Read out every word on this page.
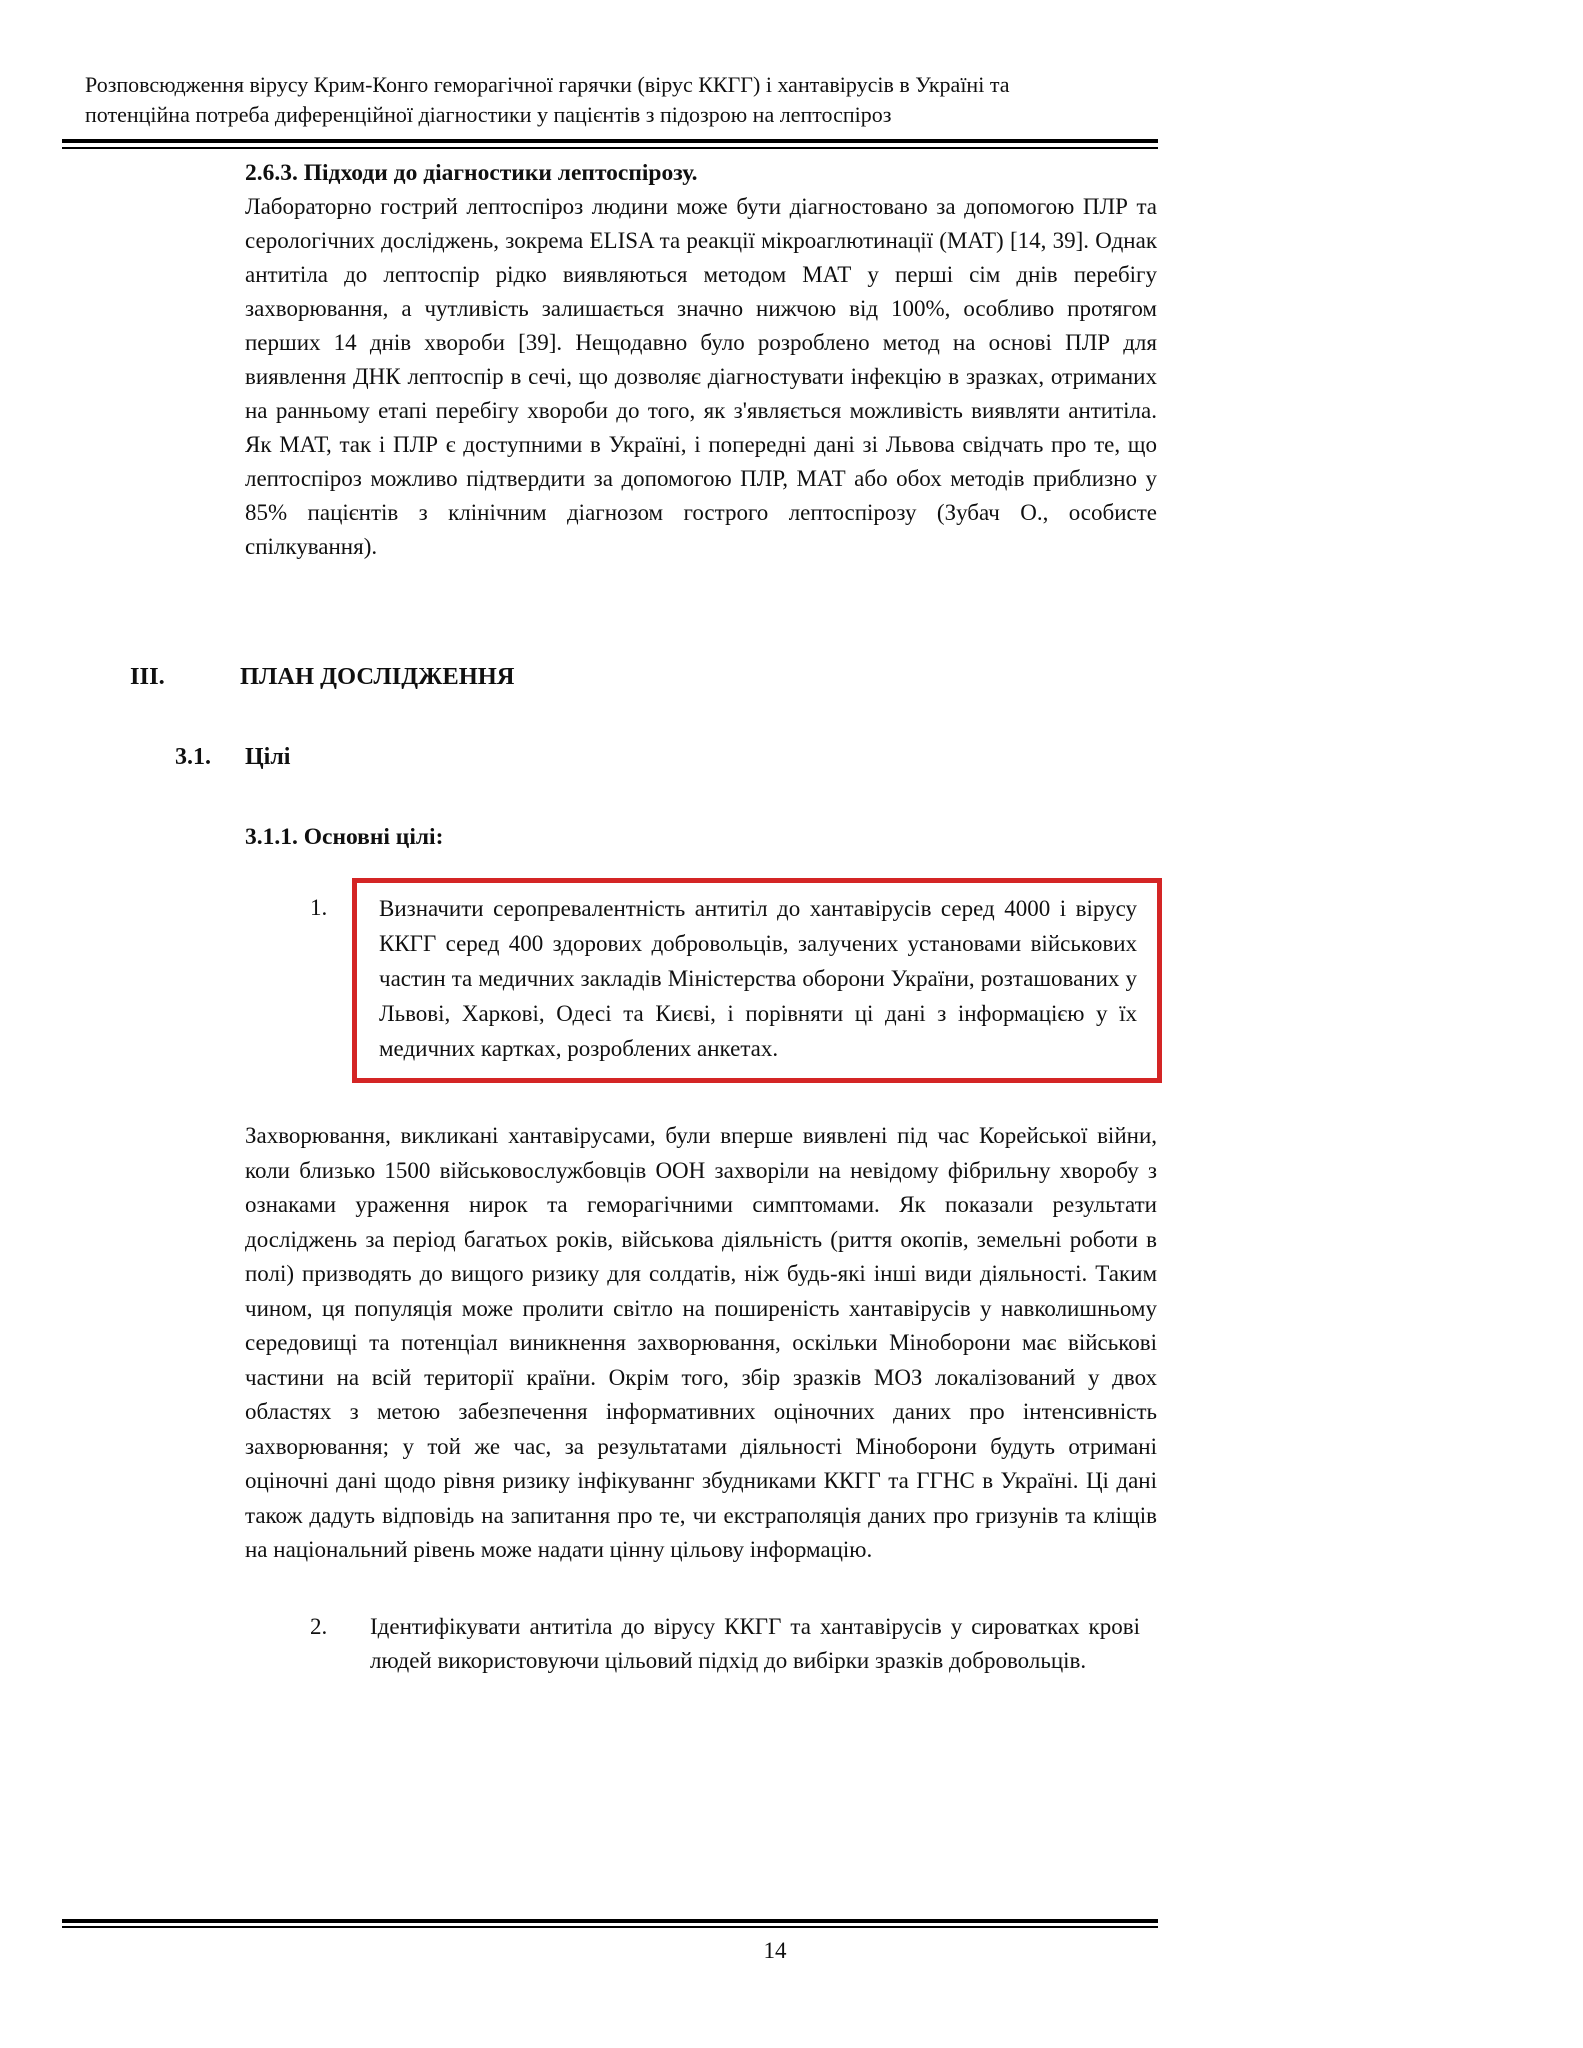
Розповсюдження вірусу Крим-Конго геморагічної гарячки (вірус ККГГ) і хантавірусів в Україні та
потенційна потреба диференційної діагностики у пацієнтів з підозрою на лептоспіроз
2.6.3. Підходи до діагностики лептоспірозу.

Лабораторно гострий лептоспіроз людини може бути діагностовано за допомогою ПЛР та серологічних досліджень, зокрема ELISA та реакції мікроаглютинації (МАТ) [14, 39]. Однак антитіла до лептоспір рідко виявляються методом МАТ у перші сім днів перебігу захворювання, а чутливість залишається значно нижчою від 100%, особливо протягом перших 14 днів хвороби [39]. Нещодавно було розроблено метод на основі ПЛР для виявлення ДНК лептоспір в сечі, що дозволяє діагностувати інфекцію в зразках, отриманих на ранньому етапі перебігу хвороби до того, як з'являється можливість виявляти антитіла. Як МАТ, так і ПЛР є доступними в Україні, і попередні дані зі Львова свідчать про те, що лептоспіроз можливо підтвердити за допомогою ПЛР, МАТ або обох методів приблизно у 85% пацієнтів з клінічним діагнозом гострого лептоспірозу (Зубач О., особисте спілкування).

III.	ПЛАН ДОСЛІДЖЕННЯ
3.1.	Цілі
3.1.1. Основні цілі:
1.	Визначити серопревалентність антитіл до хантавірусів серед 4000 і вірусу ККГГ серед 400 здорових добровольців, залучених установами військових частин та медичних закладів Міністерства оборони України, розташованих у Львові, Харкові, Одесі та Києві, і порівняти ці дані з інформацією у їх медичних картках, розроблених анкетах.

Захворювання, викликані хантавірусами, були вперше виявлені під час Корейської війни, коли близько 1500 військовослужбовців ООН захворіли на невідому фібрильну хворобу з ознаками ураження нирок та геморагічними симптомами. Як показали результати досліджень за період багатьох років, військова діяльність (риття окопів, земельні роботи в полі) призводять до вищого ризику для солдатів, ніж будь-які інші види діяльності. Таким чином, ця популяція може пролити світло на поширеність хантавірусів у навколишньому середовищі та потенціал виникнення захворювання, оскільки Міноборони має військові частини на всій території країни. Окрім того, збір зразків МОЗ локалізований у двох областях з метою забезпечення інформативних оціночних даних про інтенсивність захворювання; у той же час, за результатами діяльності Міноборони будуть отримані оціночні дані щодо рівня ризику інфікуваннг збудниками ККГГ та ГГНС в Україні. Ці дані також дадуть відповідь на запитання про те, чи екстраполяція даних про гризунів та кліщів на національний рівень може надати цінну цільову інформацію.

2.	Ідентифікувати антитіла до вірусу ККГГ та хантавірусів у сироватках крові людей використовуючи цільовий підхід до вибірки зразків добровольців.

14
